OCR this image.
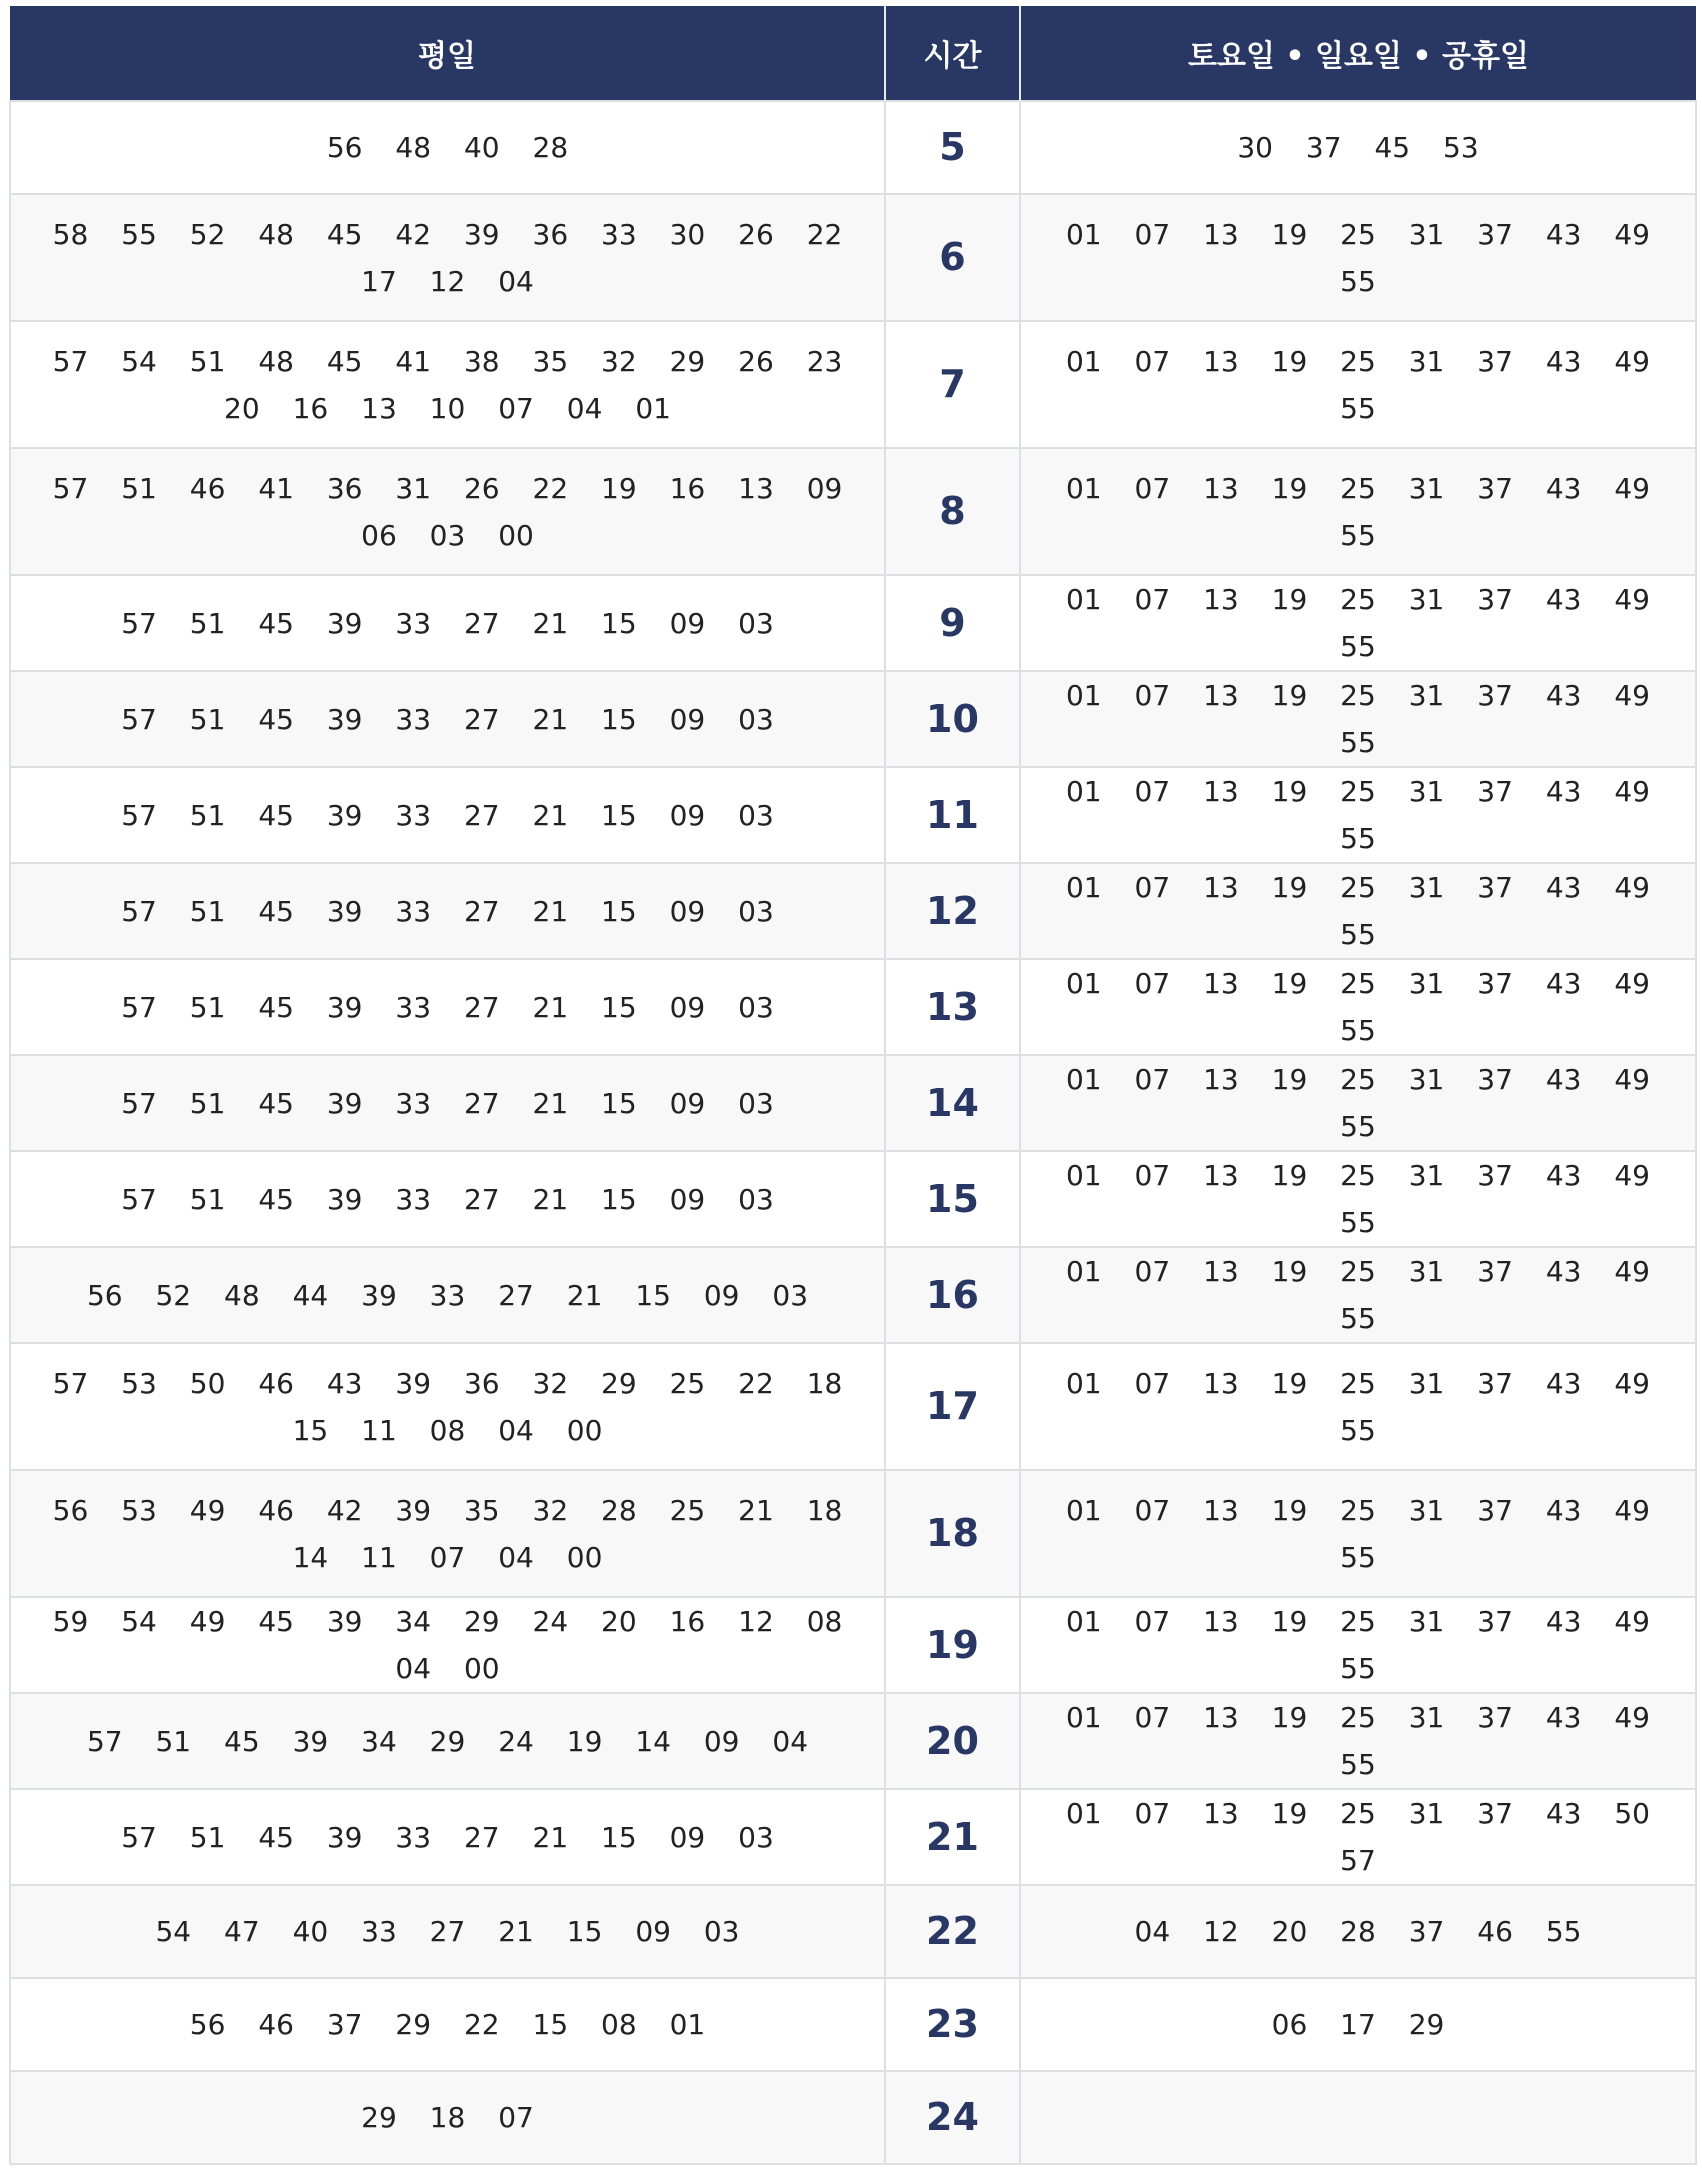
평일	시간	토요일 • 일요일 • 공휴일
56 48 40 28	5	30 37 45 53
58 55 52 48 45 42 39 36 33 30 26 22 17 12 04	6	01 07 13 19 25 31 37 43 49 55
57 54 51 48 45 41 38 35 32 29 26 23 20 16 13 10 07 04 01	7	01 07 13 19 25 31 37 43 49 55
57 51 46 41 36 31 26 22 19 16 13 09 06 03 00	8	01 07 13 19 25 31 37 43 49 55
57 51 45 39 33 27 21 15 09 03	9	01 07 13 19 25 31 37 43 49 55
57 51 45 39 33 27 21 15 09 03	10	01 07 13 19 25 31 37 43 49 55
57 51 45 39 33 27 21 15 09 03	11	01 07 13 19 25 31 37 43 49 55
57 51 45 39 33 27 21 15 09 03	12	01 07 13 19 25 31 37 43 49 55
57 51 45 39 33 27 21 15 09 03	13	01 07 13 19 25 31 37 43 49 55
57 51 45 39 33 27 21 15 09 03	14	01 07 13 19 25 31 37 43 49 55
57 51 45 39 33 27 21 15 09 03	15	01 07 13 19 25 31 37 43 49 55
56 52 48 44 39 33 27 21 15 09 03	16	01 07 13 19 25 31 37 43 49 55
57 53 50 46 43 39 36 32 29 25 22 18 15 11 08 04 00	17	01 07 13 19 25 31 37 43 49 55
56 53 49 46 42 39 35 32 28 25 21 18 14 11 07 04 00	18	01 07 13 19 25 31 37 43 49 55
59 54 49 45 39 34 29 24 20 16 12 08 04 00	19	01 07 13 19 25 31 37 43 49 55
57 51 45 39 34 29 24 19 14 09 04	20	01 07 13 19 25 31 37 43 49 55
57 51 45 39 33 27 21 15 09 03	21	01 07 13 19 25 31 37 43 50 57
54 47 40 33 27 21 15 09 03	22	04 12 20 28 37 46 55
56 46 37 29 22 15 08 01	23	06 17 29
29 18 07	24	
